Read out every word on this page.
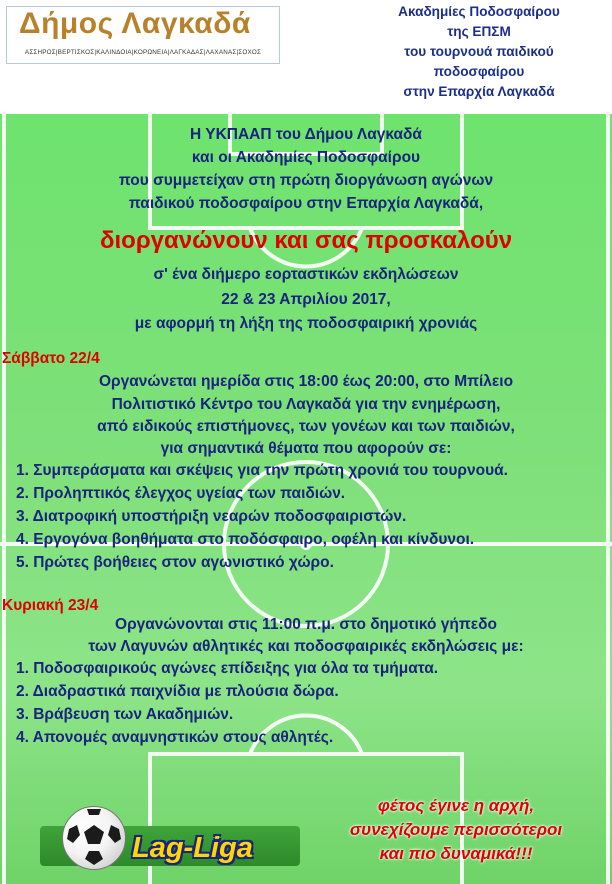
Δήμος Λαγκαδά
ΑΣΣΗΡΟΣ|ΒΕΡΤΙΣΚΟΣ|ΚΑΛΙΝΔΟΙΑ|ΚΟΡΩΝΕΙΑ|ΛΑΓΚΑΔΑΣ|ΛΑΧΑΝΑΣ|ΣΟΧΟΣ
Ακαδημίες Ποδοσφαίρου
της ΕΠΣΜ
του τουρνουά παιδικού
ποδοσφαίρου
στην Επαρχία Λαγκαδά
Η ΥΚΠΑΑΠ του Δήμου Λαγκαδά
και οι Ακαδημίες Ποδοσφαίρου
που συμμετείχαν στη πρώτη διοργάνωση αγώνων
παιδικού ποδοσφαίρου στην Επαρχία Λαγκαδά,
διοργανώνουν και σας προσκαλούν
σ' ένα διήμερο εορταστικών εκδηλώσεων
22 & 23 Απριλίου 2017,
με αφορμή τη λήξη της ποδοσφαιρική χρονιάς
Σάββατο 22/4
Οργανώνεται ημερίδα στις 18:00 έως 20:00, στο Μπίλειο
Πολιτιστικό Κέντρο του Λαγκαδά για την ενημέρωση,
από ειδικούς επιστήμονες, των γονέων και των παιδιών,
για σημαντικά θέματα που αφορούν σε:
1. Συμπεράσματα και σκέψεις για την πρώτη χρονιά του τουρνουά.
2. Προληπτικός έλεγχος υγείας των παιδιών.
3. Διατροφική υποστήριξη νεαρών ποδοσφαιριστών.
4. Εργογόνα βοηθήματα στο ποδόσφαιρο, οφέλη και κίνδυνοι.
5. Πρώτες βοήθειες στον αγωνιστικό χώρο.
Κυριακή 23/4
Οργανώνονται στις 11:00 π.μ. στο δημοτικό γήπεδο
των Λαγυνών αθλητικές και ποδοσφαιρικές εκδηλώσεις με:
1. Ποδοσφαιρικούς αγώνες επίδειξης για όλα τα τμήματα.
2. Διαδραστικά παιχνίδια με πλούσια δώρα.
3. Βράβευση των Ακαδημιών.
4. Απονομές αναμνηστικών στους αθλητές.
Lag-Liga
φέτος έγινε η αρχή,
συνεχίζουμε περισσότεροι
και πιο δυναμικά!!!
